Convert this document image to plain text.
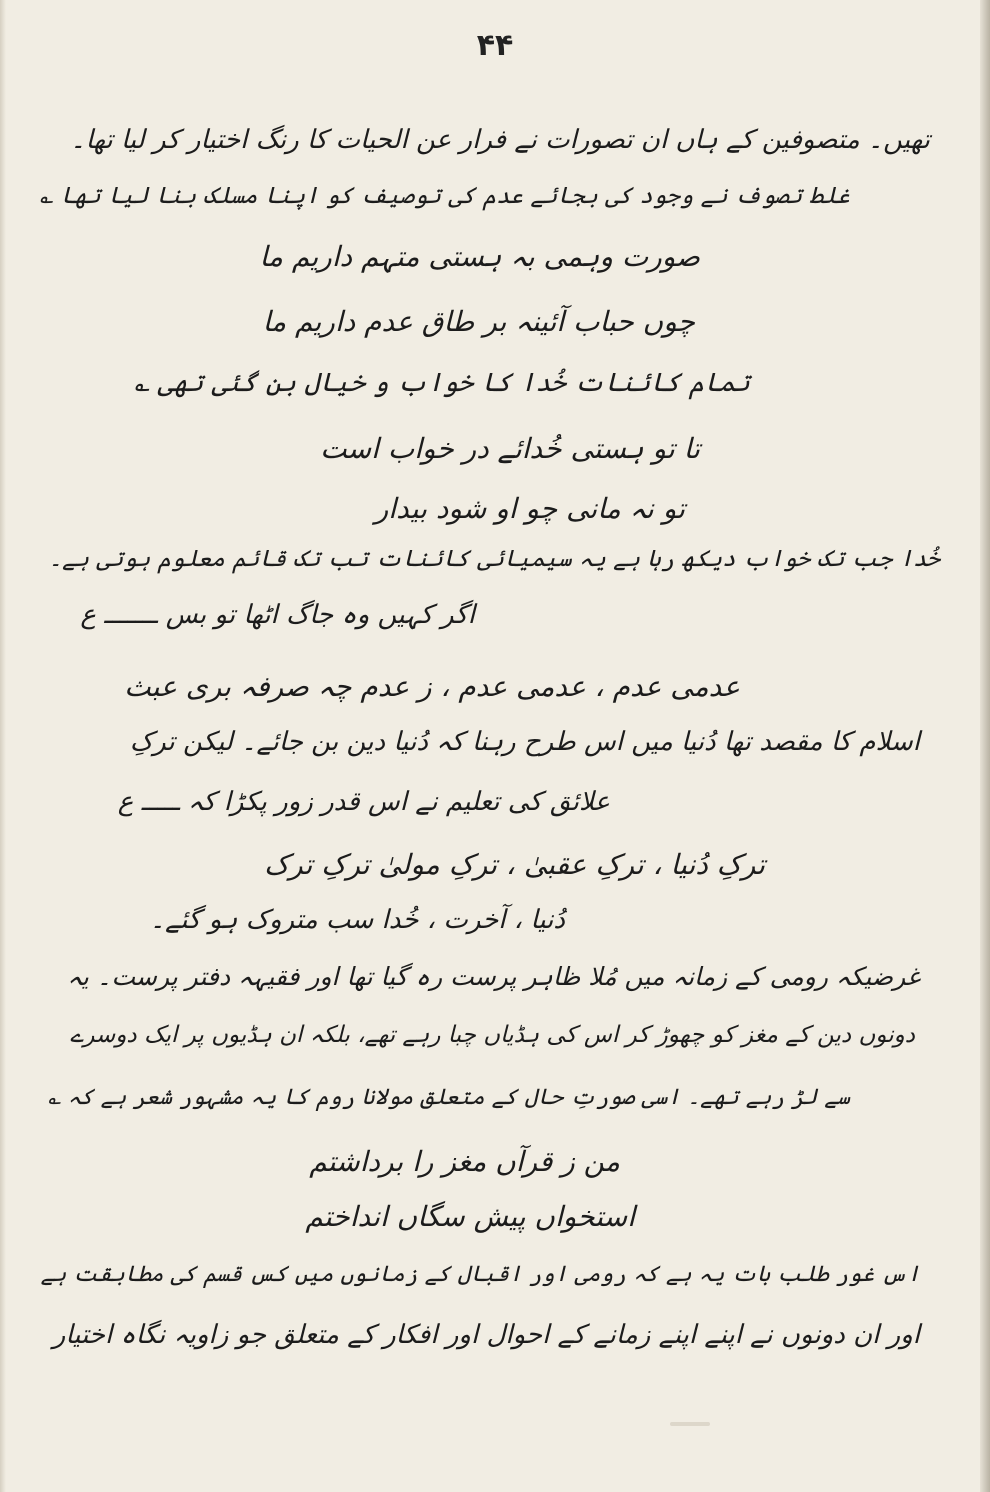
۴۴
تھیں۔ متصوفین کے ہاں ان تصورات نے فرار عن الحیات کا رنگ اختیار کر لیا تھا۔
غلط تصوف نے وجود کی بجائے عدم کی توصیف کو اپنا مسلک بنا لیا تھا ؎
صورت وہمی بہ ہستی متہم داریم ما
چوں حباب آئینہ بر طاق عدم داریم ما
تمام کائنات خُدا کا خواب و خیال بن گئی تھی ؎
تا تو ہستی خُدائے در خواب است
تو نہ مانی چو او شود بیدار
خُدا جب تک خواب دیکھ رہا ہے یہ سیمیائی کائنات تب تک قائم معلوم ہوتی ہے۔
اگر کہیں وہ جاگ اٹھا تو بس ـــــــ ع
عدمی عدم ، عدمی عدم ، ز عدم چہ صرفہ بری عبث
اسلام کا مقصد تھا دُنیا میں اس طرح رہنا کہ دُنیا دین بن جائے۔ لیکن ترکِ
علائق کی تعلیم نے اس قدر زور پکڑا کہ ـــــ ع
ترکِ دُنیا ، ترکِ عقبیٰ ، ترکِ مولیٰ ترکِ ترک
دُنیا ، آخرت ، خُدا سب متروک ہو گئے۔
غرضیکہ رومی کے زمانہ میں مُلا ظاہر پرست رہ گیا تھا اور فقیہہ دفتر پرست۔ یہ
دونوں دین کے مغز کو چھوڑ کر اس کی ہڈیاں چبا رہے تھے، بلکہ ان ہڈیوں پر ایک دوسرے
سے لڑ رہے تھے۔ اسی صورتِ حال کے متعلق مولانا روم کا یہ مشہور شعر ہے کہ ؎
من ز قرآں مغز را برداشتم
استخواں پیش سگاں انداختم
اس غور طلب بات یہ ہے کہ رومی اور اقبال کے زمانوں میں کس قسم کی مطابقت ہے
اور ان دونوں نے اپنے اپنے زمانے کے احوال اور افکار کے متعلق جو زاویہ نگاہ اختیار
